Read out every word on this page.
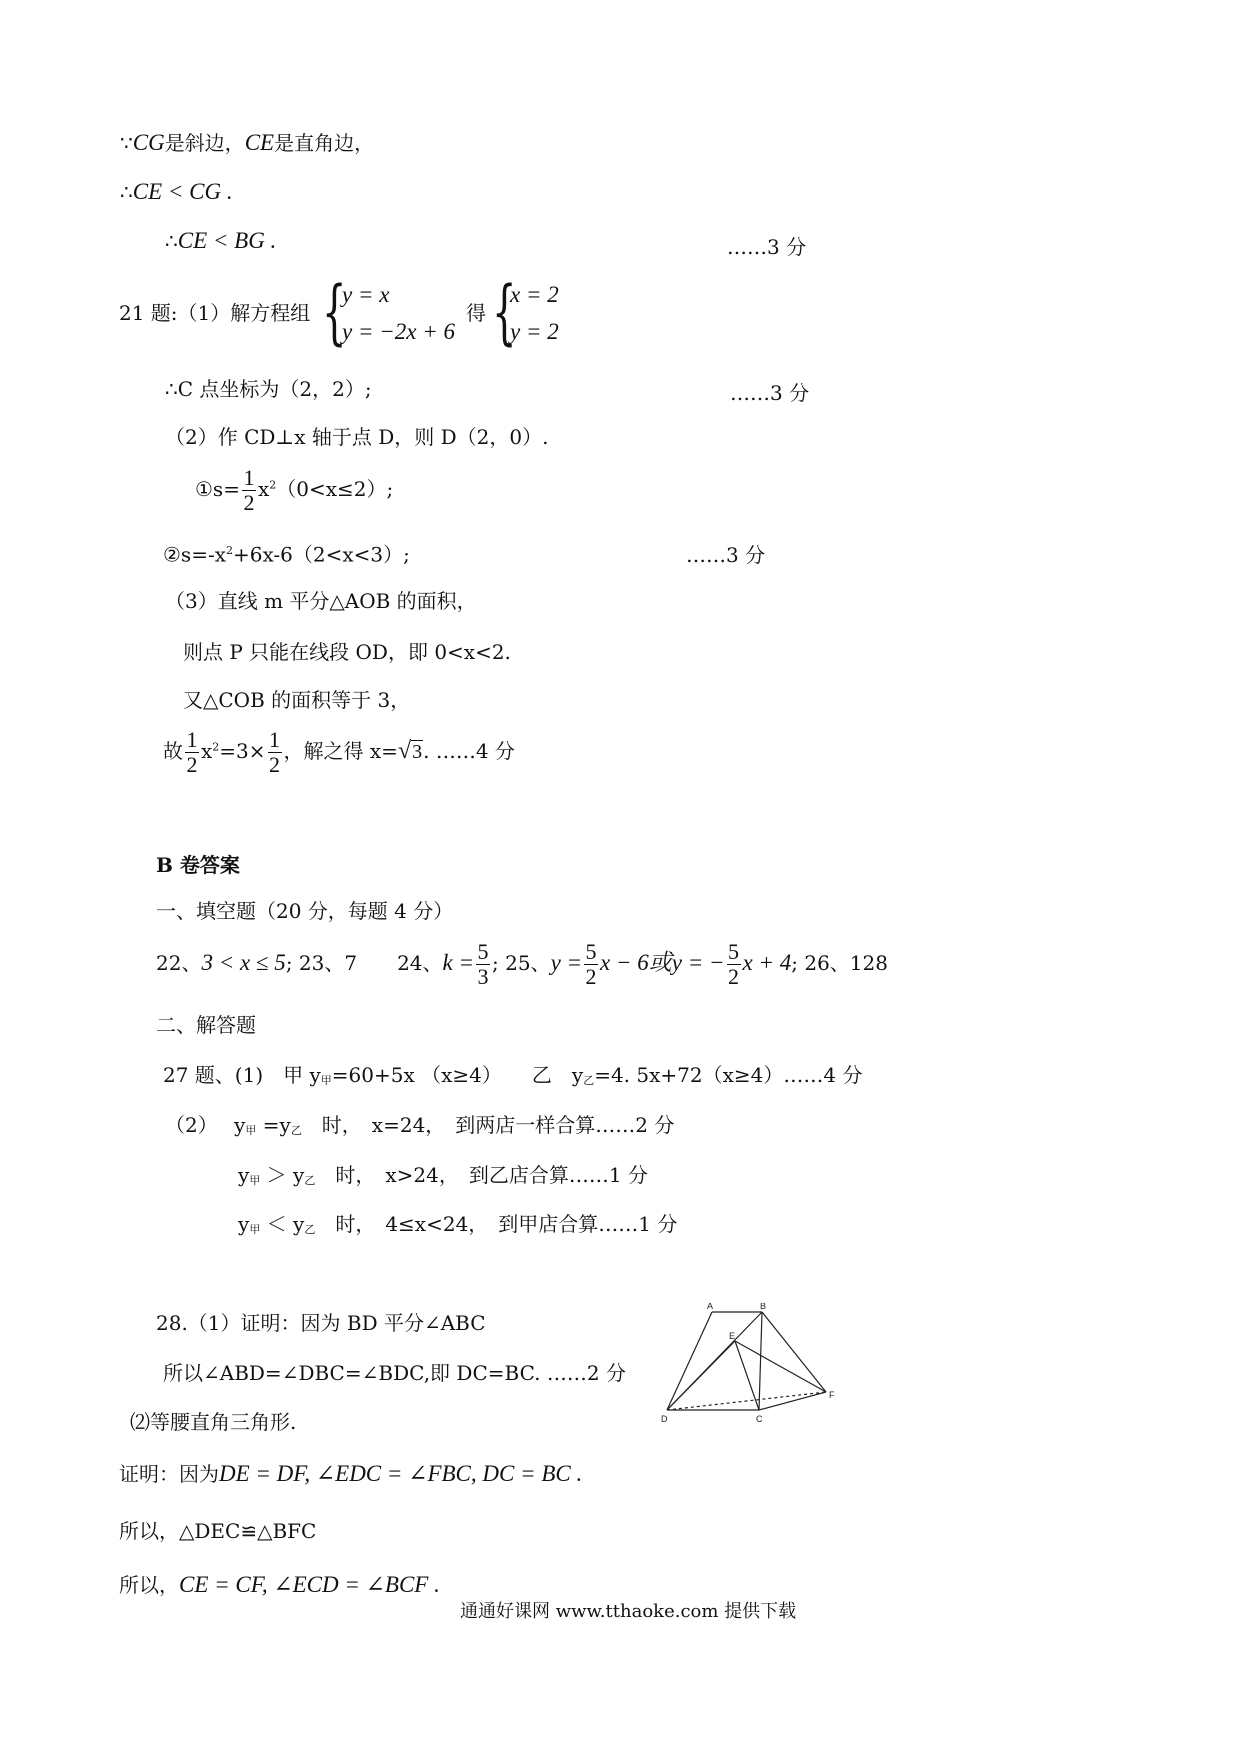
∵CG是斜边，CE是直角边，
∴CE < CG .
∴CE < BG .	……3 分
21 题:（1）解方程组 {
y = x
y = −2x + 6
得 {
x = 2
y = 2
∴C 点坐标为（2，2）;	……3 分
（2）作 CD⊥x 轴于点 D，则 D（2，0）.
①s= $\frac{1}{2} x^2(0<x\le 2)$;
$②s=-x^2+6x-6(2<x<3)$;	……3 分
（3）直线 m 平分△AOB 的面积，
则点 P 只能在线段 OD，即 0<x<2.
又△COB 的面积等于 3，
故 $\frac{1}{2} x^2=3\times \frac{1}{2}$ ，解之得 x=√3. ……4 分
B 卷答案
一、填空题（20 分，每题 4 分）
22、3 < x ≤ 5; 23、7　　24、$k = \frac{5}{3}$ ; 25、$y = \frac{5}{2}$ x − 6或y = − $\frac{5}{2}$ x + 4; 26、128
二、解答题
27 题、(1)　甲 y甲=60+5x （x≥4）　　乙　y乙=4. 5x+72（x≥4）……4 分
（2）　 y甲 =y乙　时，　x=24，　到两店一样合算……2 分
y甲 ＞ y乙　时，　x>24，　到乙店合算……1 分
y甲 ＜ y乙　时，　4≤x<24，　到甲店合算……1 分
28.（1）证明：因为 BD 平分∠ABC
所以∠ABD=∠DBC=∠BDC,即 DC=BC. ……2 分
⑵等腰直角三角形.
证明：因为DE = DF, ∠EDC = ∠FBC, DC = BC .
所以，△DEC≌△BFC
所以，CE = CF, ∠ECD = ∠BCF .
A	B
E
F
D	C
通通好课网 www.tthaoke.com 提供下载
